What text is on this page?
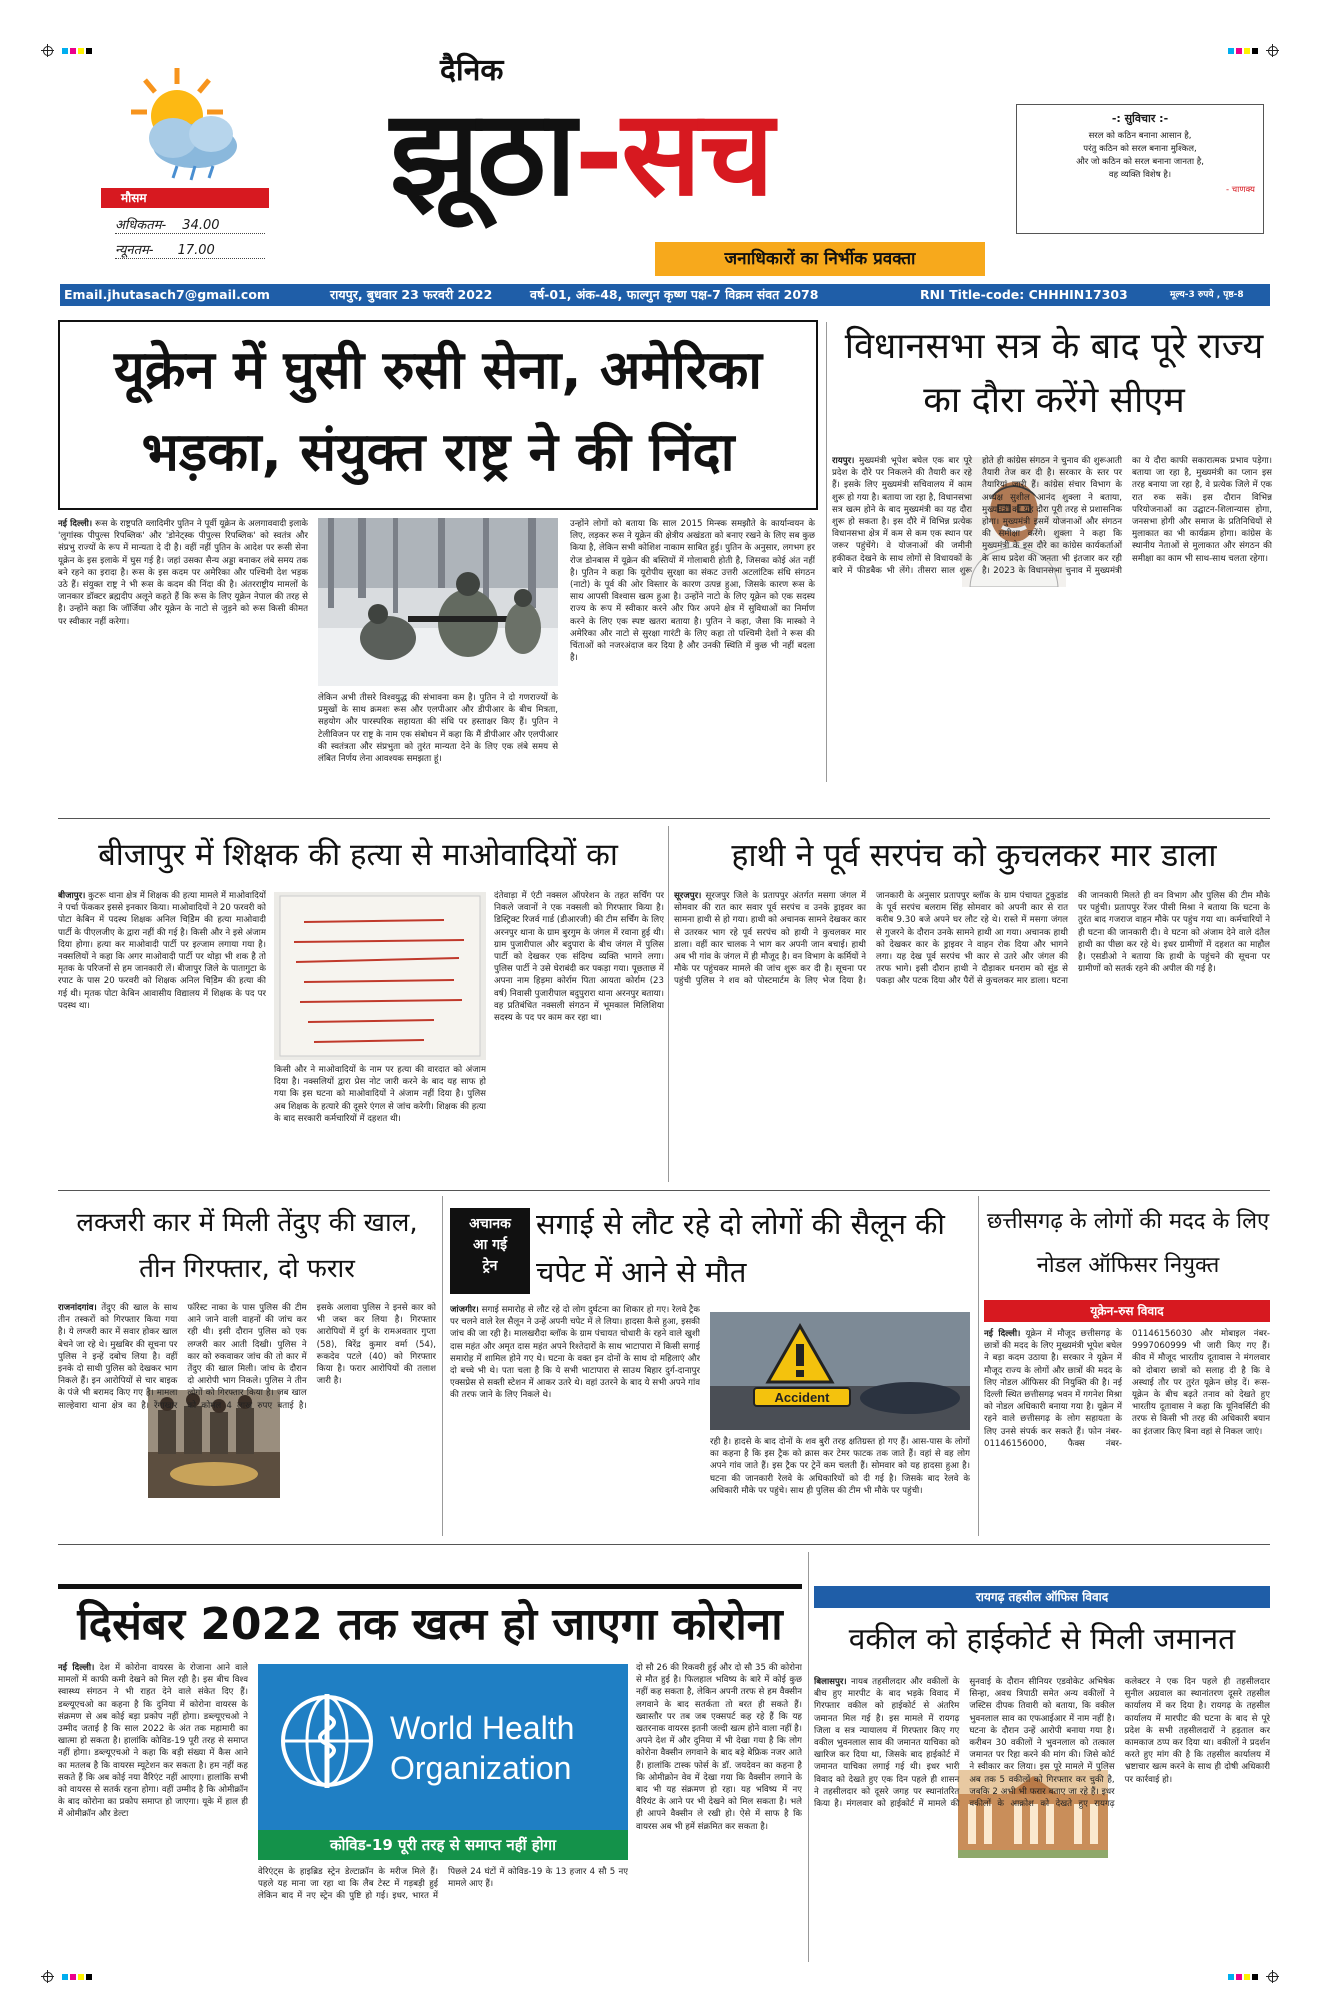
मौसम
अधिकतम- 34.00
न्यूनतम- 17.00
दैनिक
झूठा-सच
जनाधिकारों का निर्भीक प्रवक्ता
-: सुविचार :-
सरल को कठिन बनाना आसान है,
परंतु कठिन को सरल बनाना मुश्किल,
और जो कठिन को सरल बनाना जानता है,
वह व्यक्ति विशेष है।
- चाणक्य
Email.jhutasach7@gmail.com	रायपुर, बुधवार 23 फरवरी 2022	वर्ष-01, अंक-48, फाल्गुन कृष्ण पक्ष-7 विक्रम संवत 2078	RNI Title-code: CHHHIN17303	मूल्य-3 रुपये , पृष्ठ-8
यूक्रेन में घुसी रुसी सेना, अमेरिका भड़का, संयुक्त राष्ट्र ने की निंदा
नई दिल्ली। रूस के राष्ट्रपति व्लादिमीर पुतिन ने पूर्वी यूक्रेन के अलगाववादी इलाके 'लुगांस्क पीपुल्स रिपब्लिक' और 'डोनेट्स्क पीपुल्स रिपब्लिक' को स्वतंत्र और संप्रभु राज्यों के रूप में मान्यता दे दी है। वहीं नहीं पुतिन के आदेश पर रूसी सेना यूक्रेन के इस इलाके में घुस गई है। जहां उसका सैन्य अड्डा बनाकर लंबे समय तक बने रहने का इरादा है। रूस के इस कदम पर अमेरिका और पश्चिमी देश भड़क उठे हैं। संयुक्त राष्ट्र ने भी रूस के कदम की निंदा की है। अंतरराष्ट्रीय मामलों के जानकार डॉक्टर ब्रह्मदीप अलूने कहते हैं कि रूस के लिए यूक्रेन नेपाल की तरह से है। उन्होंने कहा कि जॉर्जिया और यूक्रेन के नाटो से जुड़ने को रूस किसी कीमत पर स्वीकार नहीं करेगा।
लेकिन अभी तीसरे विश्वयुद्ध की संभावना कम है। पुतिन ने दो गणराज्यों के प्रमुखों के साथ क्रमशः रूस और एलपीआर और डीपीआर के बीच मित्रता, सहयोग और पारस्परिक सहायता की संधि पर हस्ताक्षर किए हैं। पुतिन ने टेलीविजन पर राष्ट्र के नाम एक संबोधन में कहा कि मैं डीपीआर और एलपीआर की स्वतंत्रता और संप्रभुता को तुरंत मान्यता देने के लिए एक लंबे समय से लंबित निर्णय लेना आवश्यक समझता हूं।
उन्होंने लोगों को बताया कि साल 2015 मिन्स्क समझौते के कार्यान्वयन के लिए, लड़कर रूस ने यूक्रेन की क्षेत्रीय अखंडता को बनाए रखने के लिए सब कुछ किया है, लेकिन सभी कोशिश नाकाम साबित हुई। पुतिन के अनुसार, लगभग हर रोज डोनबास में यूक्रेन की बस्तियों में गोलाबारी होती है, जिसका कोई अंत नहीं है। पुतिन ने कहा कि यूरोपीय सुरक्षा का संकट उत्तरी अटलांटिक संधि संगठन (नाटो) के पूर्व की ओर विस्तार के कारण उत्पन्न हुआ, जिसके कारण रूस के साथ आपसी विश्वास खत्म हुआ है। उन्होंने नाटो के लिए यूक्रेन को एक सदस्य राज्य के रूप में स्वीकार करने और फिर अपने क्षेत्र में सुविधाओं का निर्माण करने के लिए एक स्पष्ट खतरा बताया है। पुतिन ने कहा, जैसा कि मास्को ने अमेरिका और नाटो से सुरक्षा गारंटी के लिए कहा तो पश्चिमी देशों ने रूस की चिंताओं को नजरअंदाज कर दिया है और उनकी स्थिति में कुछ भी नहीं बदला है।
विधानसभा सत्र के बाद पूरे राज्य का दौरा करेंगे सीएम
रायपुर। मुख्यमंत्री भूपेश बघेल एक बार पूरे प्रदेश के दौरे पर निकलने की तैयारी कर रहे हैं। इसके लिए मुख्यमंत्री सचिवालय में काम शुरू हो गया है। बताया जा रहा है, विधानसभा सत्र खत्म होने के बाद मुख्यमंत्री का यह दौरा शुरू हो सकता है। इस दौरे में विभिन्न प्रत्येक विधानसभा क्षेत्र में कम से कम एक स्थान पर जरूर पहुंचेंगे। वे योजनाओं की जमीनी हकीकत देखने के साथ लोगों से विधायकों के बारे में फीडबैक भी लेंगे। तीसरा साल शुरू होते ही कांग्रेस संगठन ने चुनाव की शुरूआती तैयारी तेज कर दी है। सरकार के स्तर पर तैयारियां जारी हैं। कांग्रेस संचार विभाग के अध्यक्ष सुशील आनंद शुक्ला ने बताया, मुख्यमंत्री का यह दौरा पूरी तरह से प्रशासनिक होगा। मुख्यमंत्री इसमें योजनाओं और संगठन की समीक्षा करेंगे। शुक्ला ने कहा कि मुख्यमंत्री के इस दौरे का कांग्रेस कार्यकर्ताओं के साथ प्रदेश की जनता भी इंतजार कर रही है। 2023 के विधानसभा चुनाव में मुख्यमंत्री का ये दौरा काफी सकारात्मक प्रभाव पड़ेगा। बताया जा रहा है, मुख्यमंत्री का प्लान इस तरह बनाया जा रहा है, वे प्रत्येक जिले में एक रात रुक सकें। इस दौरान विभिन्न परियोजनाओं का उद्घाटन-शिलान्यास होगा, जनसभा होगी और समाज के प्रतिनिधियों से मुलाकात का भी कार्यक्रम होगा। कांग्रेस के स्थानीय नेताओं से मुलाकात और संगठन की समीक्षा का काम भी साथ-साथ चलता रहेगा।
बीजापुर में शिक्षक की हत्या से माओवादियों का
बीजापुर। कुटरू थाना क्षेत्र में शिक्षक की हत्या मामले में माओवादियों ने पर्चा फेंककर इससे इनकार किया। माओवादियों ने 20 फरवरी को पोटा केबिन में पदस्थ शिक्षक अनिल चिडि़ेम की हत्या माओवादी पार्टी के पीएलजीए के द्वारा नहीं की गई है। किसी और ने इसे अंजाम दिया होगा। हत्या कर माओवादी पार्टी पर इल्जाम लगाया गया है। नक्सलियों ने कहा कि अगर माओवादी पार्टी पर थोड़ा भी शक है तो मृतक के परिजनों से हम जानकारी लें। बीजापुर जिले के पातागुटा के रपाट के पास 20 फरवरी को शिक्षक अनिल चिडि़ेम की हत्या की गई थी। मृतक पोटा केबिन आवासीय विद्यालय में शिक्षक के पद पर पदस्थ था।
किसी और ने माओवादियों के नाम पर हत्या की वारदात को अंजाम दिया है। नक्सलियों द्वारा प्रेस नोट जारी करने के बाद यह साफ हो गया कि इस घटना को माओवादियों ने अंजाम नहीं दिया है। पुलिस अब शिक्षक के हत्यारे की दूसरे एंगल से जांच करेगी। शिक्षक की हत्या के बाद सरकारी कर्मचारियों में दहशत थी।
दंतेवाड़ा में एंटी नक्सल ऑपरेशन के तहत सर्चिंग पर निकले जवानों ने एक नक्सली को गिरफ्तार किया है। डिस्ट्रिक्ट रिजर्व गार्ड (डीआरजी) की टीम सर्चिंग के लिए अरनपुर थाना के ग्राम बुरगुम के जंगल में रवाना हुई थी। ग्राम पुजारीपाल और बदुपारा के बीच जंगल में पुलिस पार्टी को देखकर एक संदिग्ध व्यक्ति भागने लगा। पुलिस पार्टी ने उसे घेराबंदी कर पकड़ा गया। पूछताछ में अपना नाम हिड़मा कोर्राम पिता आयता कोर्राम (23 वर्ष) निवासी पुजारीपाल बदुपुरारा थाना अरनपुर बताया। वह प्रतिबंधित नक्सली संगठन में भूमकाल मिलिशिया सदस्य के पद पर काम कर रहा था।
हाथी ने पूर्व सरपंच को कुचलकर मार डाला
सूरजपुर। सूरजपुर जिले के प्रतापपुर अंतर्गत मसगा जंगल में सोमवार की रात कार सवार पूर्व सरपंच व उनके ड्राइवर का सामना हाथी से हो गया। हाथी को अचानक सामने देखकर कार से उतरकर भाग रहे पूर्व सरपंच को हाथी ने कुचलकर मार डाला। वहीं कार चालक ने भाग कर अपनी जान बचाई। हाथी अब भी गांव के जंगल में ही मौजूद है। वन विभाग के कर्मियों ने मौके पर पहुंचकर मामले की जांच शुरू कर दी है। सूचना पर पहुंची पुलिस ने शव को पोस्टमार्टम के लिए भेज दिया है। जानकारी के अनुसार प्रतापपुर ब्लॉक के ग्राम पंचायत टुकुडांड के पूर्व सरपंच बलराम सिंह सोमवार को अपनी कार से रात करीब 9.30 बजे अपने घर लौट रहे थे। रास्ते में मसगा जंगल से गुजरने के दौरान उनके सामने हाथी आ गया। अचानक हाथी को देखकर कार के ड्राइवर ने वाहन रोक दिया और भागने लगा। यह देख पूर्व सरपंच भी कार से उतरे और जंगल की तरफ भागे। इसी दौरान हाथी ने दौड़ाकर धनराम को सूंड से पकड़ा और पटक दिया और पैरों से कुचलकर मार डाला। घटना की जानकारी मिलते ही वन विभाग और पुलिस की टीम मौके पर पहुंची। प्रतापपुर रेंजर पीसी मिश्रा ने बताया कि घटना के तुरंत बाद गजराज वाहन मौके पर पहुंच गया था। कर्मचारियों ने ही घटना की जानकारी दी। वे घटना को अंजाम देने वाले दंतैल हाथी का पीछा कर रहे थे। इधर ग्रामीणों में दहशत का माहौल है। एसडीओ ने बताया कि हाथी के पहुंचने की सूचना पर ग्रामीणों को सतर्क रहने की अपील की गई है।
लक्जरी कार में मिली तेंदुए की खाल, तीन गिरफ्तार, दो फरार
राजनांदगांव। तेंदुए की खाल के साथ तीन तस्करों को गिरफ्तार किया गया है। ये लग्जरी कार में सवार होकर खाल बेचने जा रहे थे। मुखबिर की सूचना पर पुलिस ने इन्हें दबोच लिया है। वहीं इनके दो साथी पुलिस को देखकर भाग निकले हैं। इन आरोपियों से चार बाइक के पंजे भी बरामद किए गए हैं। मामला साल्हेवारा थाना क्षेत्र का है। रेंगाखार फॉरेस्ट नाका के पास पुलिस की टीम आने जाने वाली वाहनों की जांच कर रही थी। इसी दौरान पुलिस को एक लग्जरी कार आती दिखी। पुलिस ने कार को रुकवाकर जांच की तो कार में तेंदुए की खाल मिली। जांच के दौरान दो आरोपी भाग निकले। पुलिस ने तीन लोगों को गिरफ्तार किया है। जब खाल को कोमल 4 लाख रुपए बताई है। इसके अलावा पुलिस ने इनसे कार को भी जब्त कर लिया है। गिरफ्तार आरोपियों में दुर्ग के रामअवतार गुप्ता (58), बिरेंद्र कुमार वर्मा (54), रूकदेव पटले (40) को गिरफ्तार किया है। फरार आरोपियों की तलाश जारी है।
अचानक
आ गई
ट्रेन
सगाई से लौट रहे दो लोगों की सैलून की चपेट में आने से मौत
जांजगीर। सगाई समारोह से लौट रहे दो लोग दुर्घटना का शिकार हो गए। रेलवे ट्रैक पर चलने वाले रेल सैलून ने उन्हें अपनी चपेट में ले लिया। हादसा कैसे हुआ, इसकी जांच की जा रही है। मालखरौदा ब्लॉक के ग्राम पंचायत चोधारी के रहने वाले खुशी दास महंत और अमृत दास महंत अपने रिश्तेदारों के साथ भाटापारा में किसी सगाई समारोह में शामिल होने गए थे। घटना के वक्त इन दोनों के साथ दो महिलाएं और दो बच्चे भी थे। पता चला है कि ये सभी भाटापारा से साउथ बिहार दुर्ग-दानापुर एक्सप्रेस से सक्ती स्टेशन में आकर उतरे थे। वहां उतरने के बाद ये सभी अपने गांव की तरफ जाने के लिए निकले थे।	Accident
रही है। हादसे के बाद दोनों के शव बुरी तरह क्षतिग्रस्त हो गए हैं। आस-पास के लोगों का कहना है कि इस ट्रैक को क्रास कर टेमर फाटक तक जाते हैं। वहां से वह लोग अपने गांव जाते हैं। इस ट्रैक पर ट्रेनें कम चलती हैं। सोमवार को यह हादसा हुआ है। घटना की जानकारी रेलवे के अधिकारियों को दी गई है। जिसके बाद रेलवे के अधिकारी मौके पर पहुंचे। साथ ही पुलिस की टीम भी मौके पर पहुंची।
छत्तीसगढ़ के लोगों की मदद के लिए नोडल ऑफिसर नियुक्त
यूक्रेन-रुस विवाद
नई दिल्ली। यूक्रेन में मौजूद छत्तीसगढ़ के छात्रों की मदद के लिए मुख्यमंत्री भूपेश बघेल ने बड़ा कदम उठाया है। सरकार ने यूक्रेन में मौजूद राज्य के लोगों और छात्रों की मदद के लिए नोडल ऑफिसर की नियुक्ति की है। नई दिल्ली स्थित छत्तीसगढ़ भवन में गगनेश मिश्रा को नोडल अधिकारी बनाया गया है। यूक्रेन में रहने वाले छत्तीसगढ़ के लोग सहायता के लिए उनसे संपर्क कर सकते हैं। फोन नंबर- 01146156000, फैक्स नंबर- 01146156030 और मोबाइल नंबर- 9997060999 भी जारी किए गए हैं। कीव में मौजूद भारतीय दूतावास ने मंगलवार को दोबारा छात्रों को सलाह दी है कि वे अस्थाई तौर पर तुरंत यूक्रेन छोड़ दें। रूस-यूक्रेन के बीच बढ़ते तनाव को देखते हुए भारतीय दूतावास ने कहा कि यूनिवर्सिटी की तरफ से किसी भी तरह की अधिकारी बयान का इंतजार किए बिना वहां से निकल जाएं।
दिसंबर 2022 तक खत्म हो जाएगा कोरोना
नई दिल्ली। देश में कोरोना वायरस के रोजाना आने वाले मामलों में काफी कमी देखने को मिल रही है। इस बीच विश्व स्वास्थ्य संगठन ने भी राहत देने वाले संकेत दिए हैं। डब्ल्यूएचओ का कहना है कि दुनिया में कोरोना वायरस के संक्रमण से अब कोई बड़ा प्रकोप नहीं होगा। डब्ल्यूएचओ ने उम्मीद जताई है कि साल 2022 के अंत तक महामारी का खात्मा हो सकता है। हालांकि कोविड-19 पूरी तरह से समाप्त नहीं होगा। डब्ल्यूएचओ ने कहा कि बड़ी संख्या में कैस आने का मतलब है कि वायरस म्यूटेशन कर सकता है। हम नहीं कह सकते हैं कि अब कोई नया वैरिएंट नहीं आएगा। हालांकि सभी को वायरस से सतर्क रहना होगा। वहीं उम्मीद है कि ओमीक्रॉन के बाद कोरोना का प्रकोप समाप्त हो जाएगा। यूके में हाल ही में ओमीक्रॉन और डेल्टा
World Health
Organization
कोविड-19 पूरी तरह से समाप्त नहीं होगा
वेरिएंट्स के हाइब्रिड स्ट्रेन डेल्टाक्रॉन के मरीज मिले हैं। पहले यह माना जा रहा था कि लैब टेस्ट में गड़बड़ी हुई लेकिन बाद में नए स्ट्रेन की पुष्टि हो गई। इधर, भारत में पिछले 24 घंटों में कोविड-19 के 13 हजार 4 सौ 5 नए मामले आए हैं।
दो सौ 26 की रिकवरी हुई और दो सौ 35 की कोरोना से मौत हुई है। फिलहाल भविष्य के बारे में कोई कुछ नहीं कह सकता है, लेकिन अपनी तरफ से हम वैक्सीन लगवाने के बाद सतर्कता तो बरत ही सकते हैं। ख्वास्तौर पर तब जब एक्सपर्ट कह रहे हैं कि यह खतरनाक वायरस इतनी जल्दी खत्म होने वाला नहीं है। अपने देश में और दुनिया में भी देखा गया है कि लोग कोरोना वैक्सीन लगवाने के बाद बड़े बेफ्रिक नजर आते हैं। हालांकि टास्क फोर्स के डॉ. जयदेवन का कहना है कि ओमीक्रोन वेव में देखा गया कि वैक्सीन लगाने के बाद भी यह संक्रमण हो रहा। यह भविष्य में नए वैरियंट के आने पर भी देखने को मिल सकता है। भले ही आपने वैक्सीन ले रखी हो। ऐसे में साफ है कि वायरस अब भी हमें संक्रमित कर सकता है।
रायगढ़ तहसील ऑफिस विवाद
वकील को हाईकोर्ट से मिली जमानत
बिलासपुर। नायब तहसीलदार और वकीलों के बीच हुए मारपीट के बाद भड़के विवाद में गिरफ्तार वकील को हाईकोर्ट से अंतरिम जमानत मिल गई है। इस मामले में रायगढ़ जिला व सत्र न्यायालय में गिरफ्तार किए गए वकील भुवनलाल साव की जमानत याचिका को खारिज कर दिया था, जिसके बाद हाईकोर्ट में जमानत याचिका लगाई गई थी। इधर भारी विवाद को देखते हुए एक दिन पहले ही शासन ने तहसीलदार को दूसरे जगह पर स्थानांतरित किया है। मंगलवार को हाईकोर्ट में मामले की सुनवाई के दौरान सीनियर एडवोकेट अभिषेक सिन्हा, अवध त्रिपाठी समेत अन्य वकीलों ने जस्टिस दीपक तिवारी को बताया, कि वकील भुवनलाल साव का एफआईआर में नाम नहीं है। घटना के दौरान उन्हें आरोपी बनाया गया है। करीबन 30 वकीलों ने भुवनलाल को तत्काल जमानत पर रिहा करने की मांग की। जिसे कोर्ट ने स्वीकार कर लिया। इस पूरे मामले में पुलिस अब तक 5 वकीलों को गिरफ्तार कर चुकी है, जबकि 2 अभी भी फरार बताए जा रहे हैं। इधर वकीलों के आक्रोश को देखते हुए रायगढ़ कलेक्टर ने एक दिन पहले ही तहसीलदार सुनील अग्रवाल का स्थानांतरण दूसरे तहसील कार्यालय में कर दिया है। रायगढ़ के तहसील कार्यालय में मारपीट की घटना के बाद से पूरे प्रदेश के सभी तहसीलदारों ने हड़ताल कर कामकाज ठप्प कर दिया था। वकीलों ने प्रदर्शन करते हुए मांग की है कि तहसील कार्यालय में भ्रष्टाचार खत्म करने के साथ ही दोषी अधिकारी पर कार्रवाई हो।
